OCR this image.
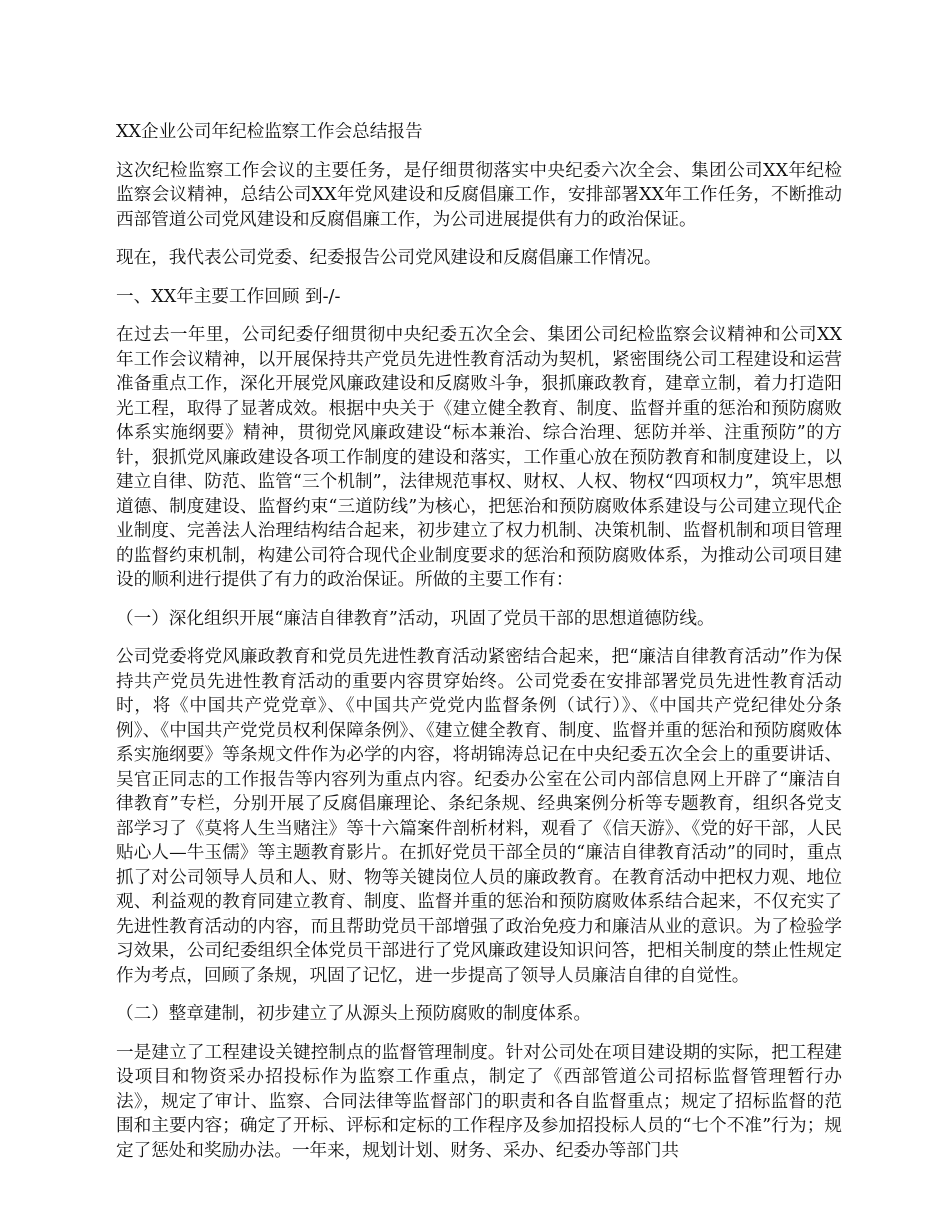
XX企业公司年纪检监察工作会总结报告

这次纪检监察工作会议的主要任务，是仔细贯彻落实中央纪委六次全会、集团公司XX年纪检监察会议精神，总结公司XX年党风建设和反腐倡廉工作，安排部署XX年工作任务，不断推动西部管道公司党风建设和反腐倡廉工作，为公司进展提供有力的政治保证。

现在，我代表公司党委、纪委报告公司党风建设和反腐倡廉工作情况。

一、XX年主要工作回顾 到-/-

在过去一年里，公司纪委仔细贯彻中央纪委五次全会、集团公司纪检监察会议精神和公司XX年工作会议精神，以开展保持共产党员先进性教育活动为契机，紧密围绕公司工程建设和运营准备重点工作，深化开展党风廉政建设和反腐败斗争，狠抓廉政教育，建章立制，着力打造阳光工程，取得了显著成效。根据中央关于《建立健全教育、制度、监督并重的惩治和预防腐败体系实施纲要》精神，贯彻党风廉政建设“标本兼治、综合治理、惩防并举、注重预防”的方针，狠抓党风廉政建设各项工作制度的建设和落实，工作重心放在预防教育和制度建设上，以建立自律、防范、监管“三个机制”，法律规范事权、财权、人权、物权“四项权力”，筑牢思想道德、制度建设、监督约束“三道防线”为核心，把惩治和预防腐败体系建设与公司建立现代企业制度、完善法人治理结构结合起来，初步建立了权力机制、决策机制、监督机制和项目管理的监督约束机制，构建公司符合现代企业制度要求的惩治和预防腐败体系，为推动公司项目建设的顺利进行提供了有力的政治保证。所做的主要工作有：

（一）深化组织开展“廉洁自律教育”活动，巩固了党员干部的思想道德防线。

公司党委将党风廉政教育和党员先进性教育活动紧密结合起来，把“廉洁自律教育活动”作为保持共产党员先进性教育活动的重要内容贯穿始终。公司党委在安排部署党员先进性教育活动时，将《中国共产党党章》、《中国共产党党内监督条例（试行）》、《中国共产党纪律处分条例》、《中国共产党党员权利保障条例》、《建立健全教育、制度、监督并重的惩治和预防腐败体系实施纲要》等条规文件作为必学的内容，将胡锦涛总记在中央纪委五次全会上的重要讲话、吴官正同志的工作报告等内容列为重点内容。纪委办公室在公司内部信息网上开辟了“廉洁自律教育”专栏，分别开展了反腐倡廉理论、条纪条规、经典案例分析等专题教育，组织各党支部学习了《莫将人生当赌注》等十六篇案件剖析材料，观看了《信天游》、《党的好干部，人民贴心人—牛玉儒》等主题教育影片。在抓好党员干部全员的“廉洁自律教育活动”的同时，重点抓了对公司领导人员和人、财、物等关键岗位人员的廉政教育。在教育活动中把权力观、地位观、利益观的教育同建立教育、制度、监督并重的惩治和预防腐败体系结合起来，不仅充实了先进性教育活动的内容，而且帮助党员干部增强了政治免疫力和廉洁从业的意识。为了检验学习效果，公司纪委组织全体党员干部进行了党风廉政建设知识问答，把相关制度的禁止性规定作为考点，回顾了条规，巩固了记忆，进一步提高了领导人员廉洁自律的自觉性。

（二）整章建制，初步建立了从源头上预防腐败的制度体系。

一是建立了工程建设关键控制点的监督管理制度。针对公司处在项目建设期的实际，把工程建设项目和物资采办招投标作为监察工作重点，制定了《西部管道公司招标监督管理暂行办法》，规定了审计、监察、合同法律等监督部门的职责和各自监督重点；规定了招标监督的范围和主要内容；确定了开标、评标和定标的工作程序及参加招投标人员的“七个不准”行为；规定了惩处和奖励办法。一年来，规划计划、财务、采办、纪委办等部门共
